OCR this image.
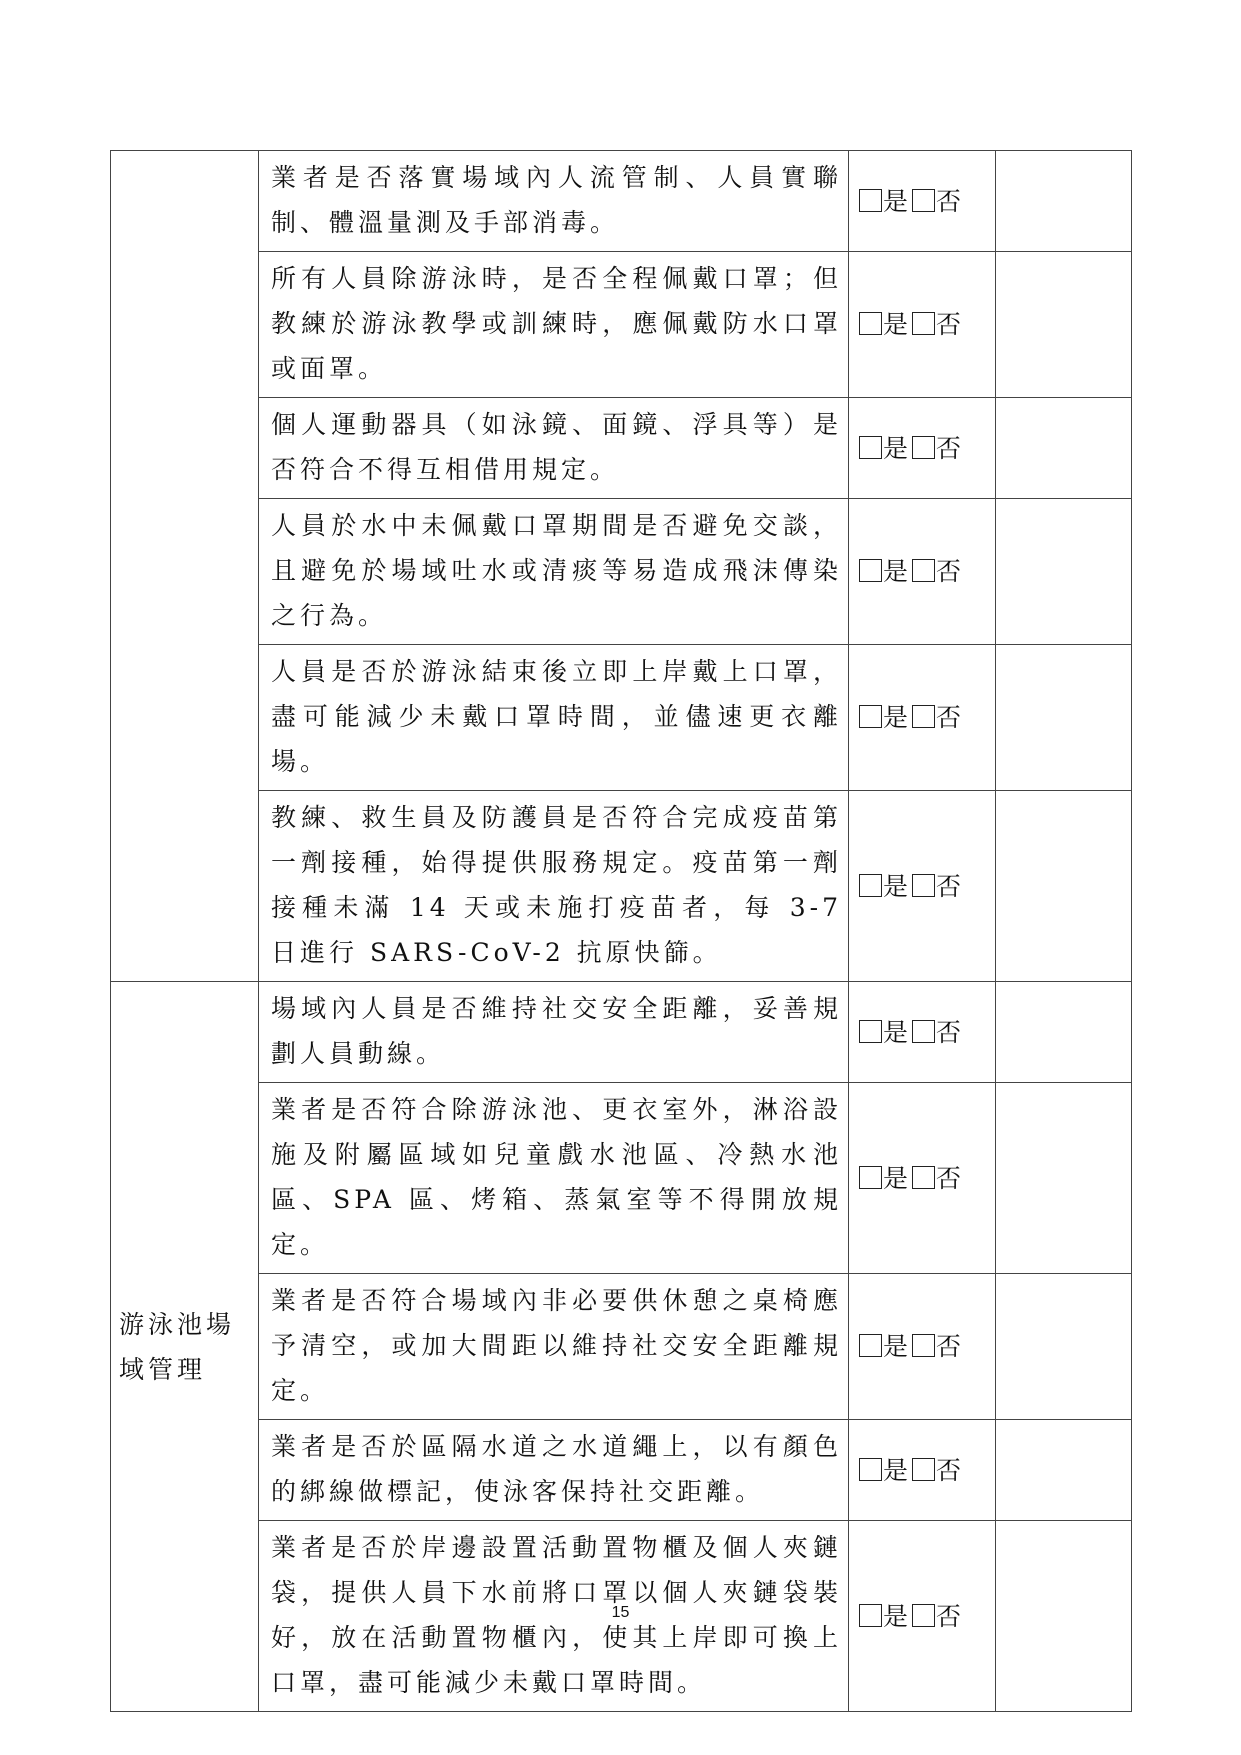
	業者是否落實場域內人流管制、人員實聯制、體溫量測及手部消毒。	是 否	
	所有人員除游泳時，是否全程佩戴口罩；但教練於游泳教學或訓練時，應佩戴防水口罩或面罩。	是 否	
	個人運動器具（如泳鏡、面鏡、浮具等）是否符合不得互相借用規定。	是 否	
	人員於水中未佩戴口罩期間是否避免交談，且避免於場域吐水或清痰等易造成飛沫傳染之行為。	是 否	
	人員是否於游泳結束後立即上岸戴上口罩，盡可能減少未戴口罩時間，並儘速更衣離場。	是 否	
	教練、救生員及防護員是否符合完成疫苗第一劑接種，始得提供服務規定。疫苗第一劑接種未滿 14 天或未施打疫苗者，每 3-7 日進行 SARS-CoV-2 抗原快篩。	是 否	
游泳池場域管理	場域內人員是否維持社交安全距離，妥善規劃人員動線。	是 否	
	業者是否符合除游泳池、更衣室外，淋浴設施及附屬區域如兒童戲水池區、冷熱水池區、SPA 區、烤箱、蒸氣室等不得開放規定。	是 否	
	業者是否符合場域內非必要供休憩之桌椅應予清空，或加大間距以維持社交安全距離規定。	是 否	
	業者是否於區隔水道之水道繩上，以有顏色的綁線做標記，使泳客保持社交距離。	是 否	
	業者是否於岸邊設置活動置物櫃及個人夾鏈袋，提供人員下水前將口罩以個人夾鏈袋裝好，放在活動置物櫃內，使其上岸即可換上口罩，盡可能減少未戴口罩時間。	是 否	
15
